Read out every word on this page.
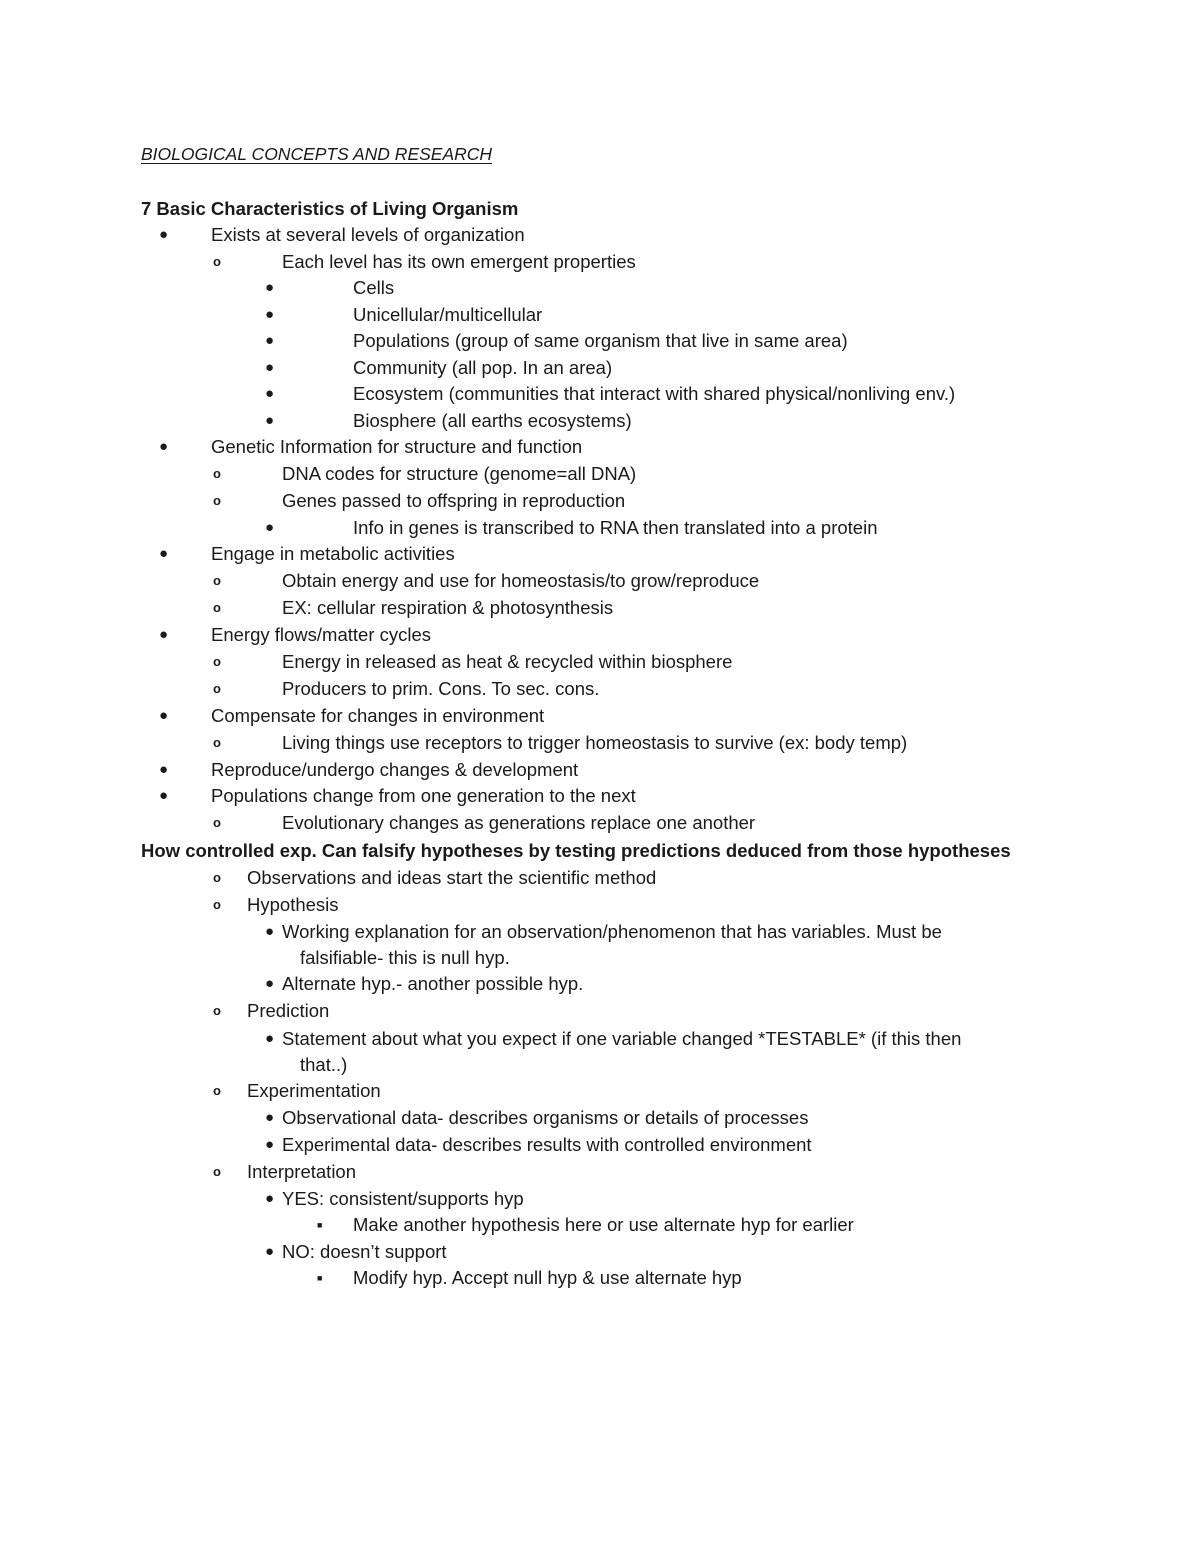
BIOLOGICAL CONCEPTS AND RESEARCH
7 Basic Characteristics of Living Organism
● Exists at several levels of organization
o	Each level has its own emergent properties
●	Cells
●	Unicellular/multicellular
●	Populations (group of same organism that live in same area)
●	Community (all pop. In an area)
●	Ecosystem (communities that interact with shared physical/nonliving env.)
●	Biosphere (all earths ecosystems)
● Genetic Information for structure and function
o	DNA codes for structure (genome=all DNA)
o	Genes passed to offspring in reproduction
●	Info in genes is transcribed to RNA then translated into a protein
● Engage in metabolic activities
o	Obtain energy and use for homeostasis/to grow/reproduce
o	EX: cellular respiration & photosynthesis
● Energy flows/matter cycles
o	Energy in released as heat & recycled within biosphere
o	Producers to prim. Cons. To sec. cons.
● Compensate for changes in environment
o	Living things use receptors to trigger homeostasis to survive (ex: body temp)
● Reproduce/undergo changes & development
● Populations change from one generation to the next
o	Evolutionary changes as generations replace one another
How controlled exp. Can falsify hypotheses by testing predictions deduced from those hypotheses
o Observations and ideas start the scientific method
o Hypothesis
● Working explanation for an observation/phenomenon that has variables. Must be
falsifiable- this is null hyp.
● Alternate hyp.- another possible hyp.
o Prediction
● Statement about what you expect if one variable changed *TESTABLE* (if this then
that..)
o Experimentation
● Observational data- describes organisms or details of processes
● Experimental data- describes results with controlled environment
o Interpretation
● YES: consistent/supports hyp
■ Make another hypothesis here or use alternate hyp for earlier
● NO: doesn’t support
■ Modify hyp. Accept null hyp & use alternate hyp
